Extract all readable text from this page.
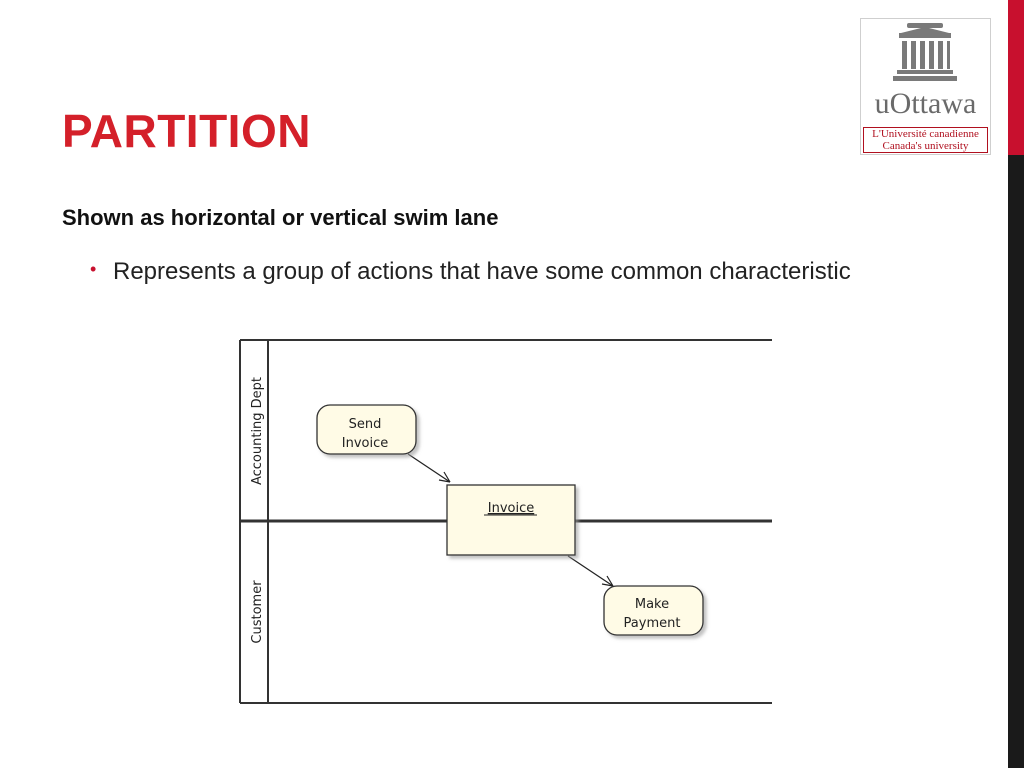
uOttawa
L'Université canadienne
Canada's university
PARTITION
Shown as horizontal or vertical swim lane
• Represents a group of actions that have some common characteristic
Accounting Dept
Customer
Send
Invoice
Invoice
Make
Payment
